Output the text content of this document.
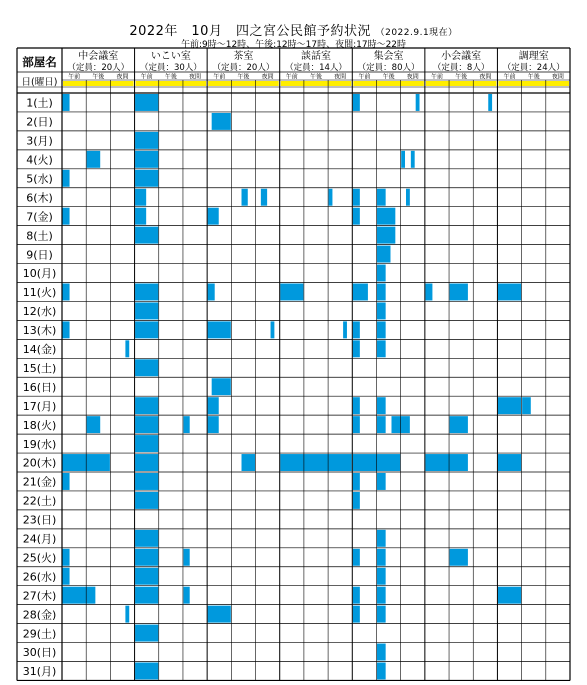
2022年　10月　四之宮公民館予約状況 （2022.9.1現在）
午前:9時～12時、午後:12時～17時、夜間:17時～22時
部屋名
日(曜日)
中会議室
（定員：20人）
午前 午後 夜間
いこい室
（定員：30人）
午前 午後 夜間
茶室
（定員：20人）
午前 午後 夜間
談話室
（定員：14人）
午前 午後 夜間
集会室
（定員：80人）
午前 午後 夜間
小会議室
（定員：8人）
午前 午後 夜間
調理室
（定員：24人）
午前 午後 夜間
1(土)
2(日)
3(月)
4(火)
5(水)
6(木)
7(金)
8(土)
9(日)
10(月)
11(火)
12(水)
13(木)
14(金)
15(土)
16(日)
17(月)
18(火)
19(水)
20(木)
21(金)
22(土)
23(日)
24(月)
25(火)
26(水)
27(木)
28(金)
29(土)
30(日)
31(月)
